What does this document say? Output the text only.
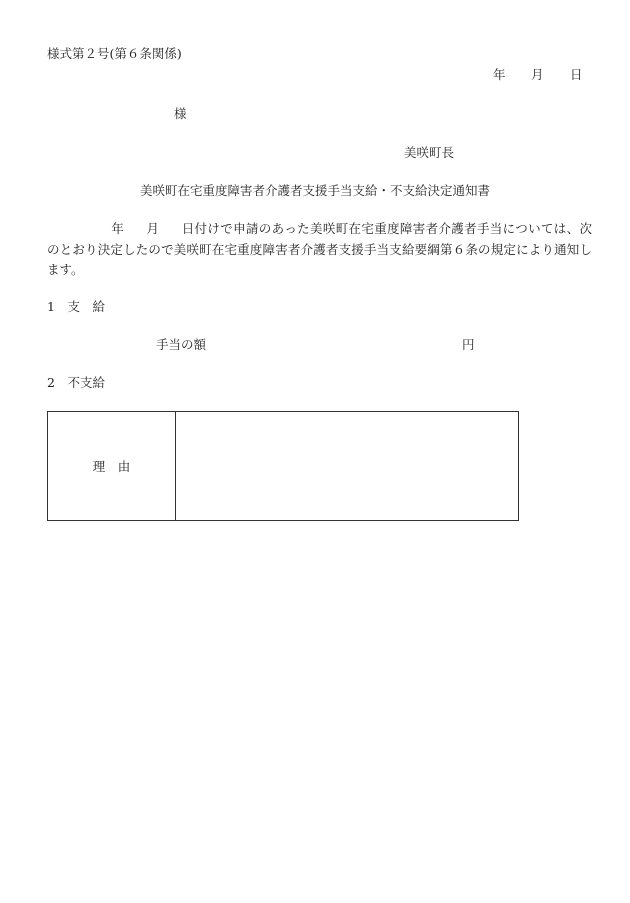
様式第２号(第６条関係)
年 月 日
様
美咲町長
美咲町在宅重度障害者介護者支援手当支給・不支給決定通知書
年 月 日付けで申請のあった美咲町在宅重度障害者介護者手当については、次のとおり決定したので美咲町在宅重度障害者介護者支援手当支給要綱第６条の規定により通知します。
1　支　給
手当の額	円
2　不支給
理　由
